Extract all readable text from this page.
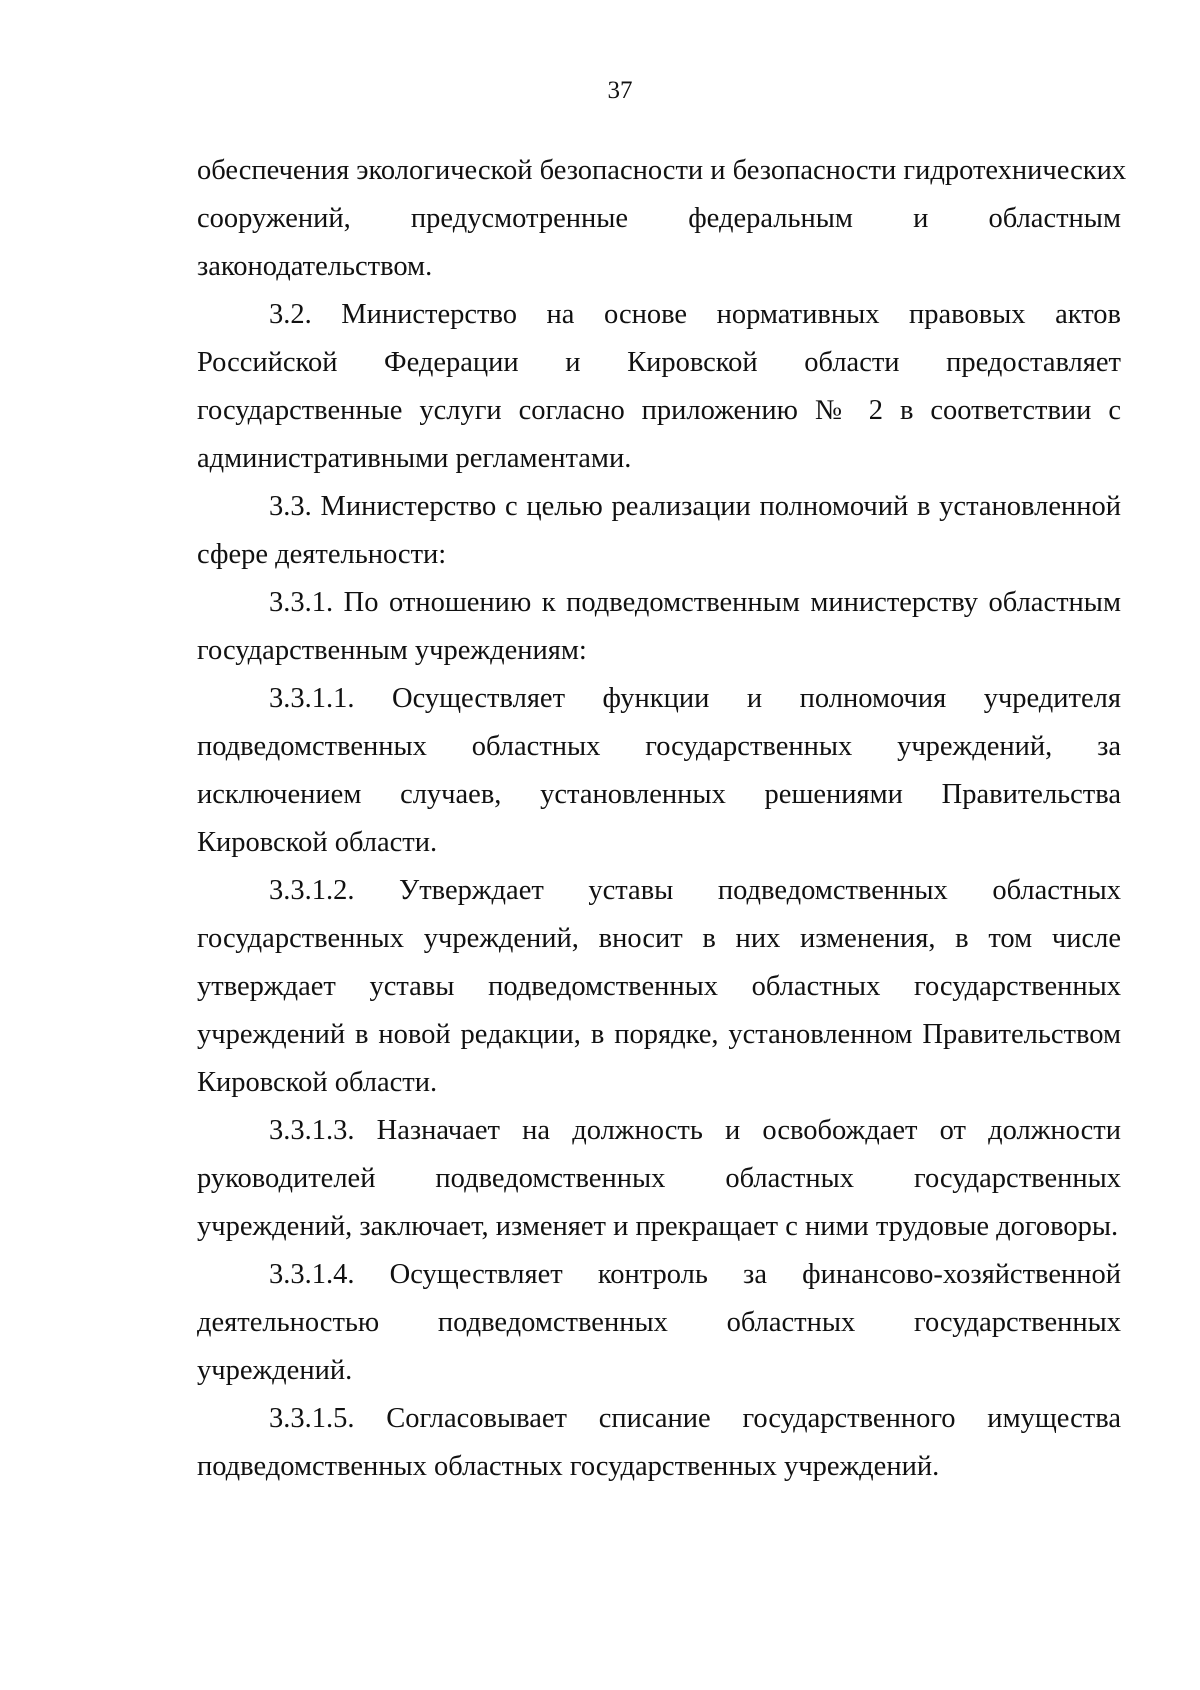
37
обеспечения экологической безопасности и безопасности гидротехнических
сооружений, предусмотренные федеральным и областным
законодательством.
3.2. Министерство на основе нормативных правовых актов
Российской Федерации и Кировской области предоставляет
государственные услуги согласно приложению № 2 в соответствии с
административными регламентами.
3.3. Министерство с целью реализации полномочий в установленной
сфере деятельности:
3.3.1. По отношению к подведомственным министерству областным
государственным учреждениям:
3.3.1.1. Осуществляет функции и полномочия учредителя
подведомственных областных государственных учреждений, за
исключением случаев, установленных решениями Правительства
Кировской области.
3.3.1.2. Утверждает уставы подведомственных областных
государственных учреждений, вносит в них изменения, в том числе
утверждает уставы подведомственных областных государственных
учреждений в новой редакции, в порядке, установленном Правительством
Кировской области.
3.3.1.3. Назначает на должность и освобождает от должности
руководителей подведомственных областных государственных
учреждений, заключает, изменяет и прекращает с ними трудовые договоры.
3.3.1.4. Осуществляет контроль за финансово-хозяйственной
деятельностью подведомственных областных государственных
учреждений.
3.3.1.5. Согласовывает списание государственного имущества
подведомственных областных государственных учреждений.
